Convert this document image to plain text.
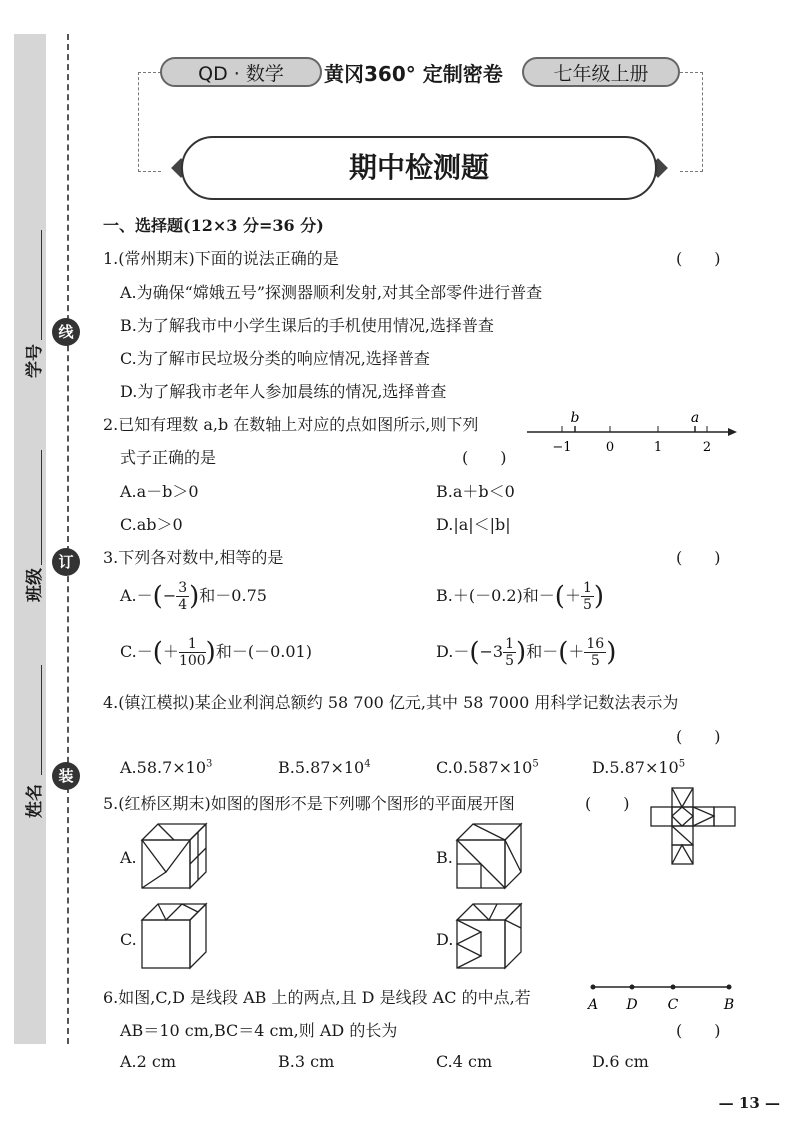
线
订
装
学号
班级
姓名
QD · 数学	黄冈360° 定制密卷	七年级上册
期中检测题
一、选择题(12×3 分=36 分)
1.(常州期末)下面的说法正确的是	(　　)
A.为确保“嫦娥五号”探测器顺利发射,对其全部零件进行普查
B.为了解我市中小学生课后的手机使用情况,选择普查
C.为了解市民垃圾分类的响应情况,选择普查
D.为了解我市老年人参加晨练的情况,选择普查
2.已知有理数 a,b 在数轴上对应的点如图所示,则下列
式子正确的是	(　　)
b	a
−1	0	1	2
A.a－b＞0	B.a＋b＜0
C.ab＞0	D.|a|＜|b|
3.下列各对数中,相等的是	(　　)
$A.-(- \frac{3}{4}$ )和－0.75	B.＋(－0.2)和－(＋ $\frac{1}{5}$ )
$C.-(+ \frac{1}{100}$ )和－(－0.01)	$D.-(-3 \frac{1}{5}$ )和－(＋ $\frac{16}{5}$ )
4.(镇江模拟)某企业利润总额约 58 700 亿元,其中 58 7000 用科学记数法表示为
(　　)
$A.58.7\times 10^3$	$B.5.87\times 10^4$	$C.0.587\times 10^5$	$D.5.87\times 10^5$
5.(红桥区期末)如图的图形不是下列哪个图形的平面展开图	(　　)
A.	B.
C.	D.
6.如图,C,D 是线段 AB 上的两点,且 D 是线段 AC 的中点,若
AB＝10 cm,BC＝4 cm,则 AD 的长为	(　　)
A D C	B
A.2 cm	B.3 cm	C.4 cm	D.6 cm
— 13 —
